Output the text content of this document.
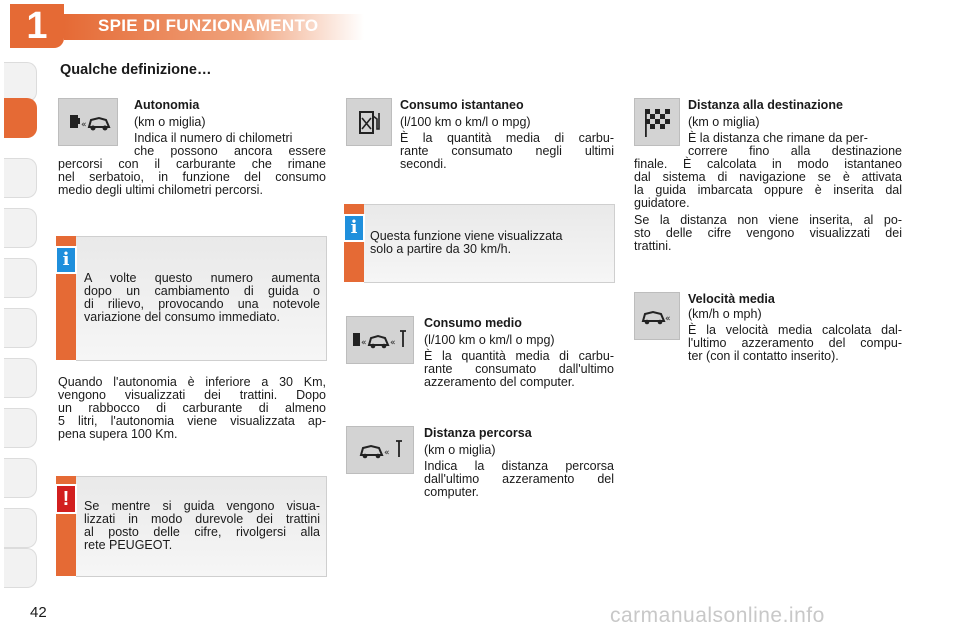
1	SPIE DI FUNZIONAMENTO
Qualche definizione…
«
Autonomia
(km o miglia)
Indica il numero di chilometri
che possono ancora essere
percorsi con il carburante che rimane
nel serbatoio, in funzione del consumo
medio degli ultimi chilometri percorsi.
i
A volte questo numero aumenta
dopo un cambiamento di guida o
di rilievo, provocando una notevole
variazione del consumo immediato.
Quando l'autonomia è inferiore a 30 Km,
vengono visualizzati dei trattini. Dopo
un rabbocco di carburante di almeno
5 litri, l'autonomia viene visualizzata ap-
pena supera 100 Km.
!	Se mentre si guida vengono visua-
lizzati in modo durevole dei trattini
al posto delle cifre, rivolgersi alla
rete PEUGEOT.
Consumo istantaneo
(l/100 km o km/l o mpg)
È la quantità media di carbu-
rante consumato negli ultimi
secondi.
i	Questa funzione viene visualizzata
solo a partire da 30 km/h.
«	«
Consumo medio
(l/100 km o km/l o mpg)
È la quantità media di carbu-
rante consumato dall'ultimo
azzeramento del computer.
«
Distanza percorsa
(km o miglia)
Indica la distanza percorsa
dall'ultimo azzeramento del
computer.
Distanza alla destinazione
(km o miglia)
È la distanza che rimane da per-
correre fino alla destinazione
finale. È calcolata in modo istantaneo
dal sistema di navigazione se è attivata
la guida imbarcata oppure è inserita dal
guidatore.
Se la distanza non viene inserita, al po-
sto delle cifre vengono visualizzati dei
trattini.
«
Velocità media
(km/h o mph)
È la velocità media calcolata dal-
l'ultimo azzeramento del compu-
ter (con il contatto inserito).
42	carmanualsonline.info
